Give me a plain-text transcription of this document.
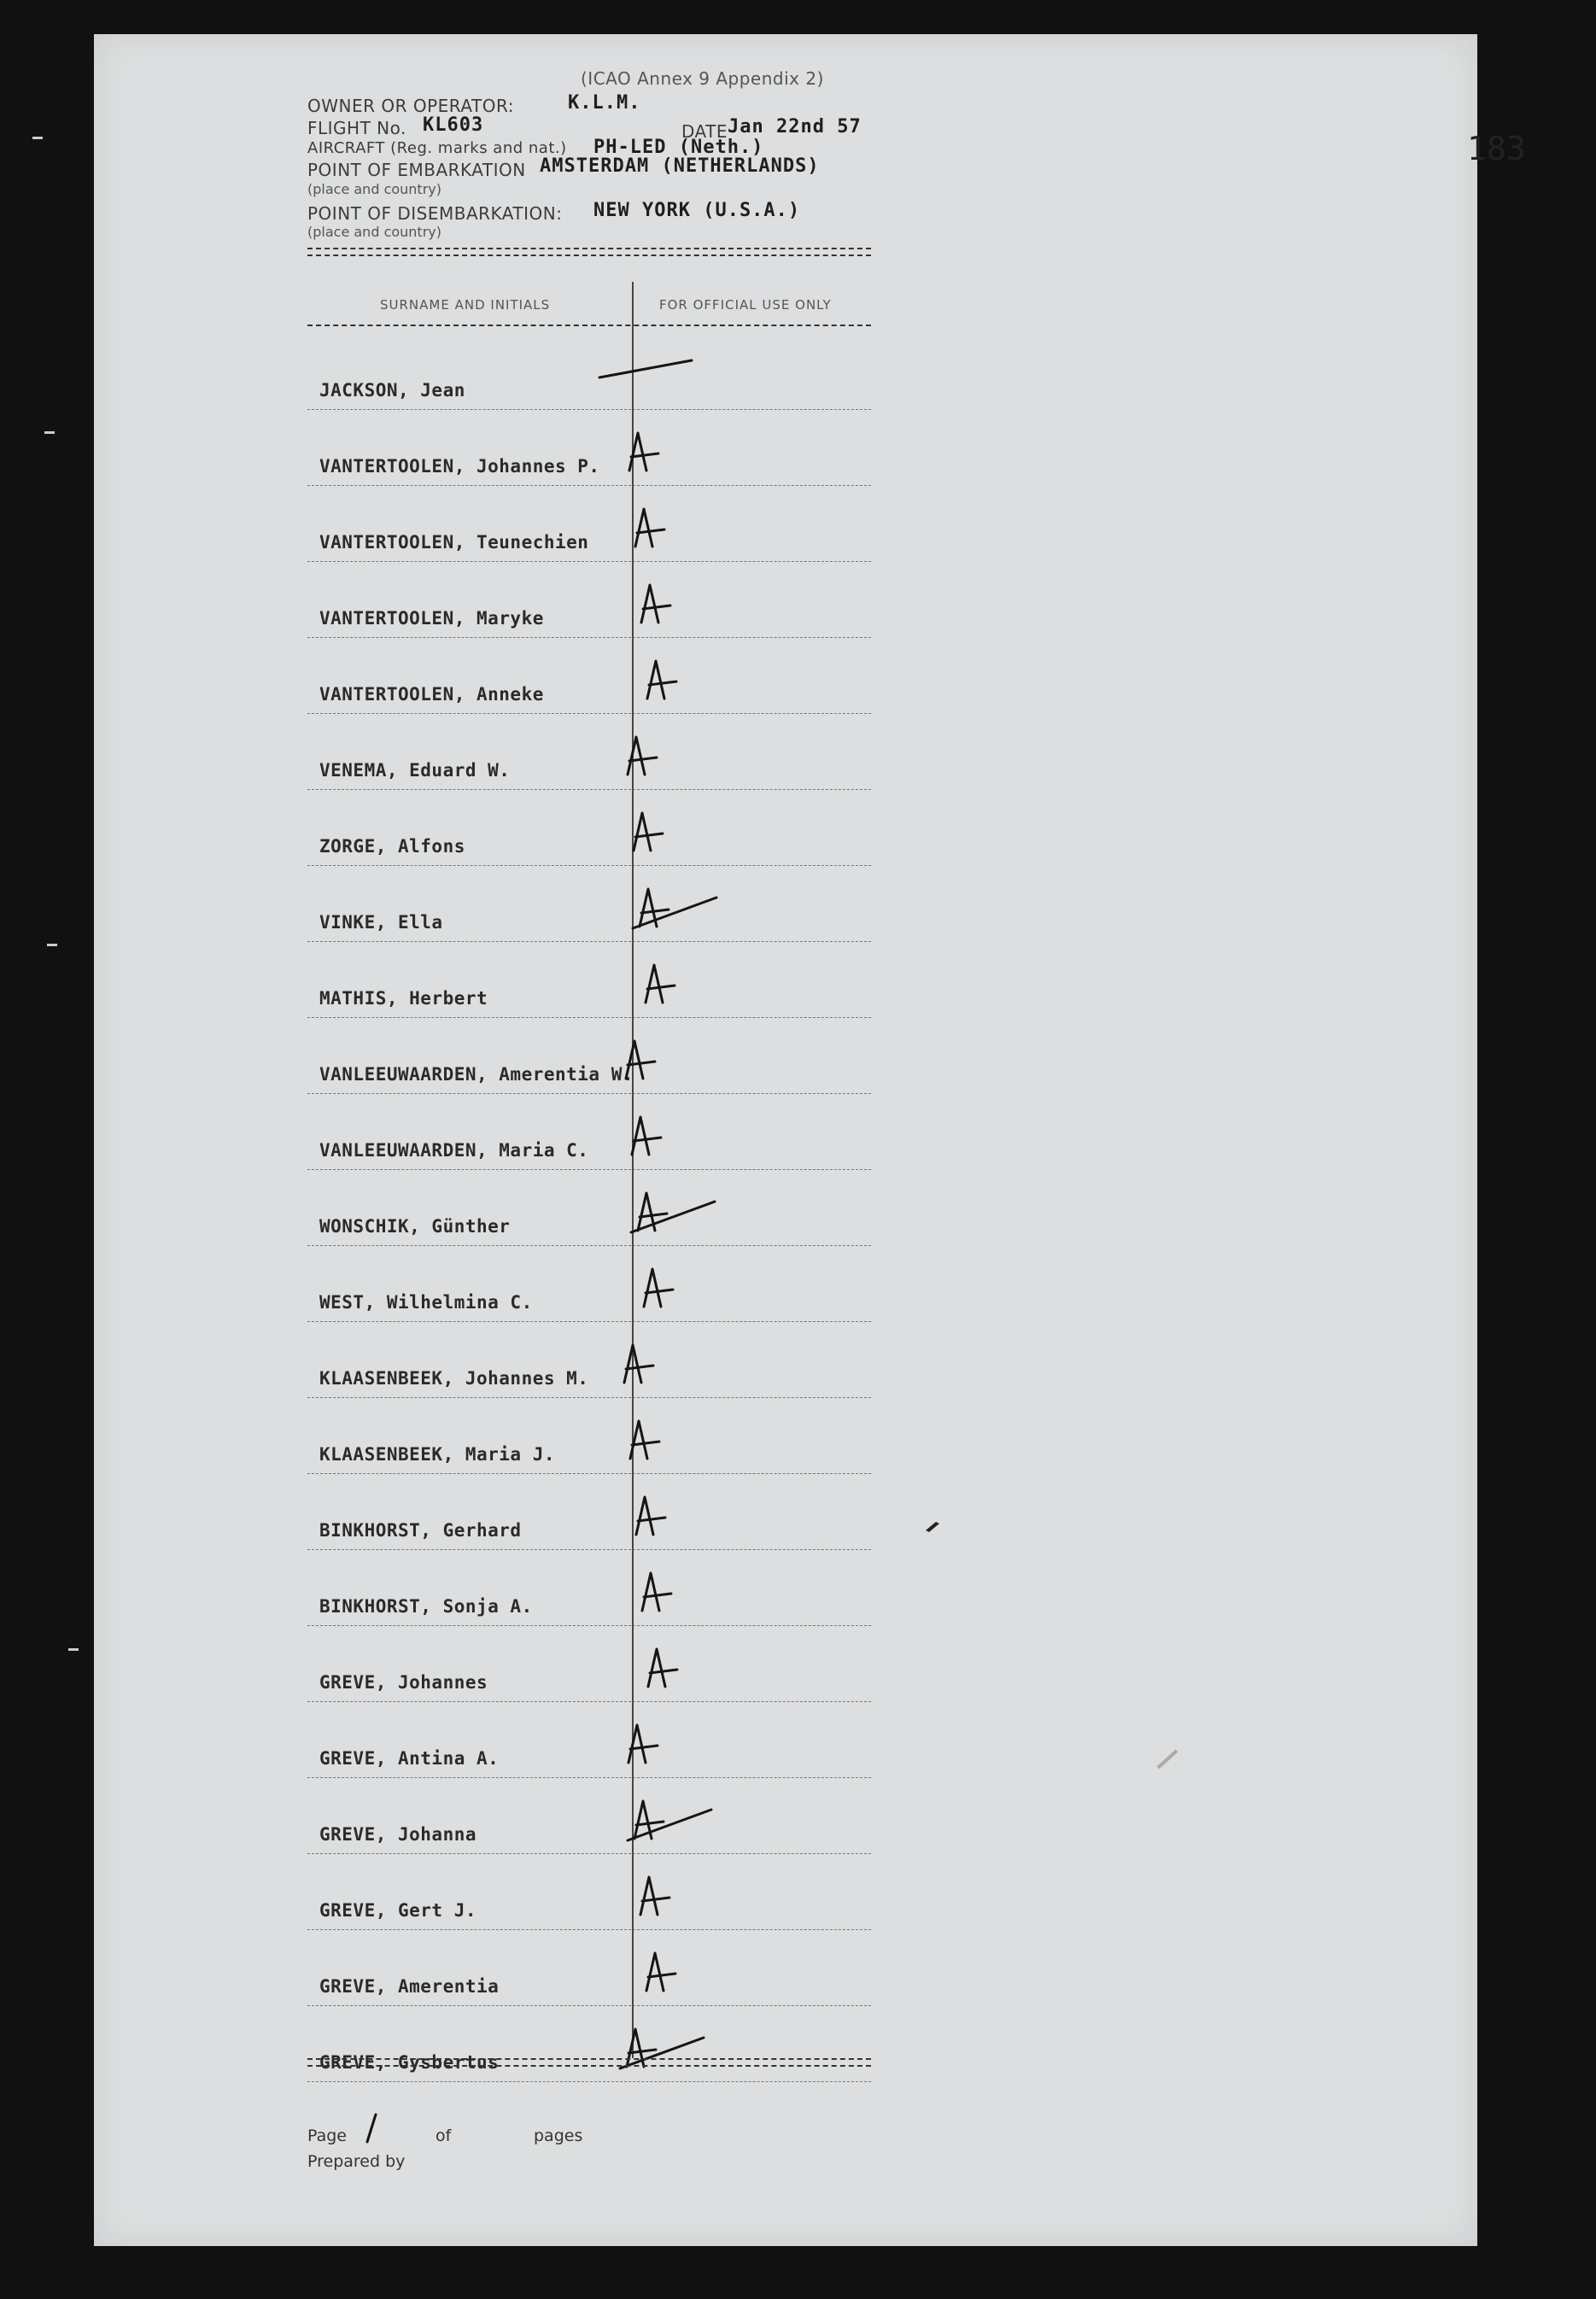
183
(ICAO Annex 9 Appendix 2)
OWNER OR OPERATOR:	K.L.M.
FLIGHT No. KL603	DATE Jan 22nd 57
AIRCRAFT (Reg. marks and nat.) PH-LED (Neth.)
POINT OF EMBARKATION AMSTERDAM (NETHERLANDS)
(place and country)
POINT OF DISEMBARKATION: NEW YORK (U.S.A.)
(place and country)
SURNAME AND INITIALS	FOR OFFICIAL USE ONLY
JACKSON, Jean
VANTERTOOLEN, Johannes P.
VANTERTOOLEN, Teunechien
VANTERTOOLEN, Maryke
VANTERTOOLEN, Anneke
VENEMA, Eduard W.
ZORGE, Alfons
VINKE, Ella
MATHIS, Herbert
VANLEEUWAARDEN, Amerentia W.
VANLEEUWAARDEN, Maria C.
WONSCHIK, Günther
WEST, Wilhelmina C.
KLAASENBEEK, Johannes M.
KLAASENBEEK, Maria J.
BINKHORST, Gerhard
BINKHORST, Sonja A.
GREVE, Johannes
GREVE, Antina A.
GREVE, Johanna
GREVE, Gert J.
GREVE, Amerentia
GREVE, Gysbertus
Page	of	pages
Prepared by
